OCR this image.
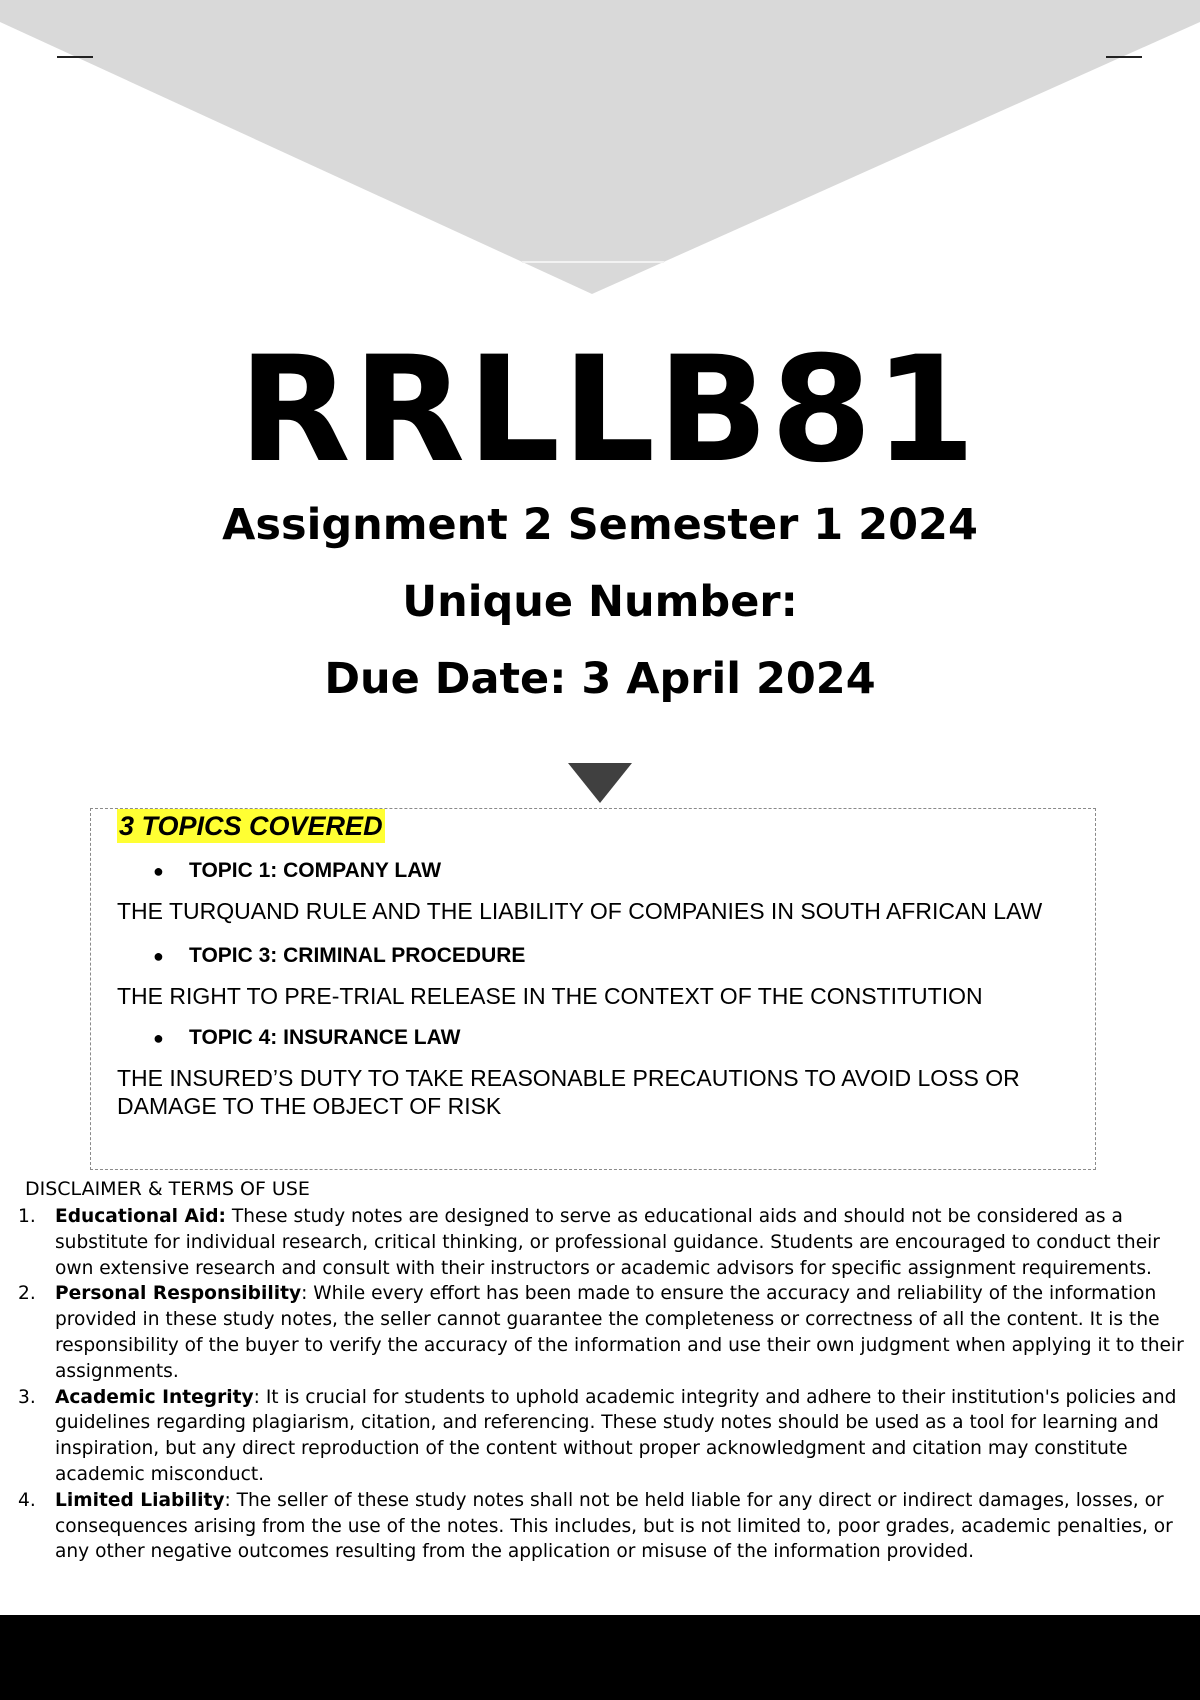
RRLLB81
Assignment 2 Semester 1 2024
Unique Number:
Due Date: 3 April 2024

3 TOPICS COVERED

● TOPIC 1: COMPANY LAW

THE TURQUAND RULE AND THE LIABILITY OF COMPANIES IN SOUTH AFRICAN LAW

● TOPIC 3: CRIMINAL PROCEDURE

THE RIGHT TO PRE-TRIAL RELEASE IN THE CONTEXT OF THE CONSTITUTION

● TOPIC 4: INSURANCE LAW

THE INSURED’S DUTY TO TAKE REASONABLE PRECAUTIONS TO AVOID LOSS OR DAMAGE TO THE OBJECT OF RISK

DISCLAIMER & TERMS OF USE
1. Educational Aid: These study notes are designed to serve as educational aids and should not be considered as a substitute for individual research, critical thinking, or professional guidance. Students are encouraged to conduct their own extensive research and consult with their instructors or academic advisors for specific assignment requirements.
2. Personal Responsibility: While every effort has been made to ensure the accuracy and reliability of the information provided in these study notes, the seller cannot guarantee the completeness or correctness of all the content. It is the responsibility of the buyer to verify the accuracy of the information and use their own judgment when applying it to their assignments.
3. Academic Integrity: It is crucial for students to uphold academic integrity and adhere to their institution's policies and guidelines regarding plagiarism, citation, and referencing. These study notes should be used as a tool for learning and inspiration, but any direct reproduction of the content without proper acknowledgment and citation may constitute academic misconduct.
4. Limited Liability: The seller of these study notes shall not be held liable for any direct or indirect damages, losses, or consequences arising from the use of the notes. This includes, but is not limited to, poor grades, academic penalties, or any other negative outcomes resulting from the application or misuse of the information provided.
